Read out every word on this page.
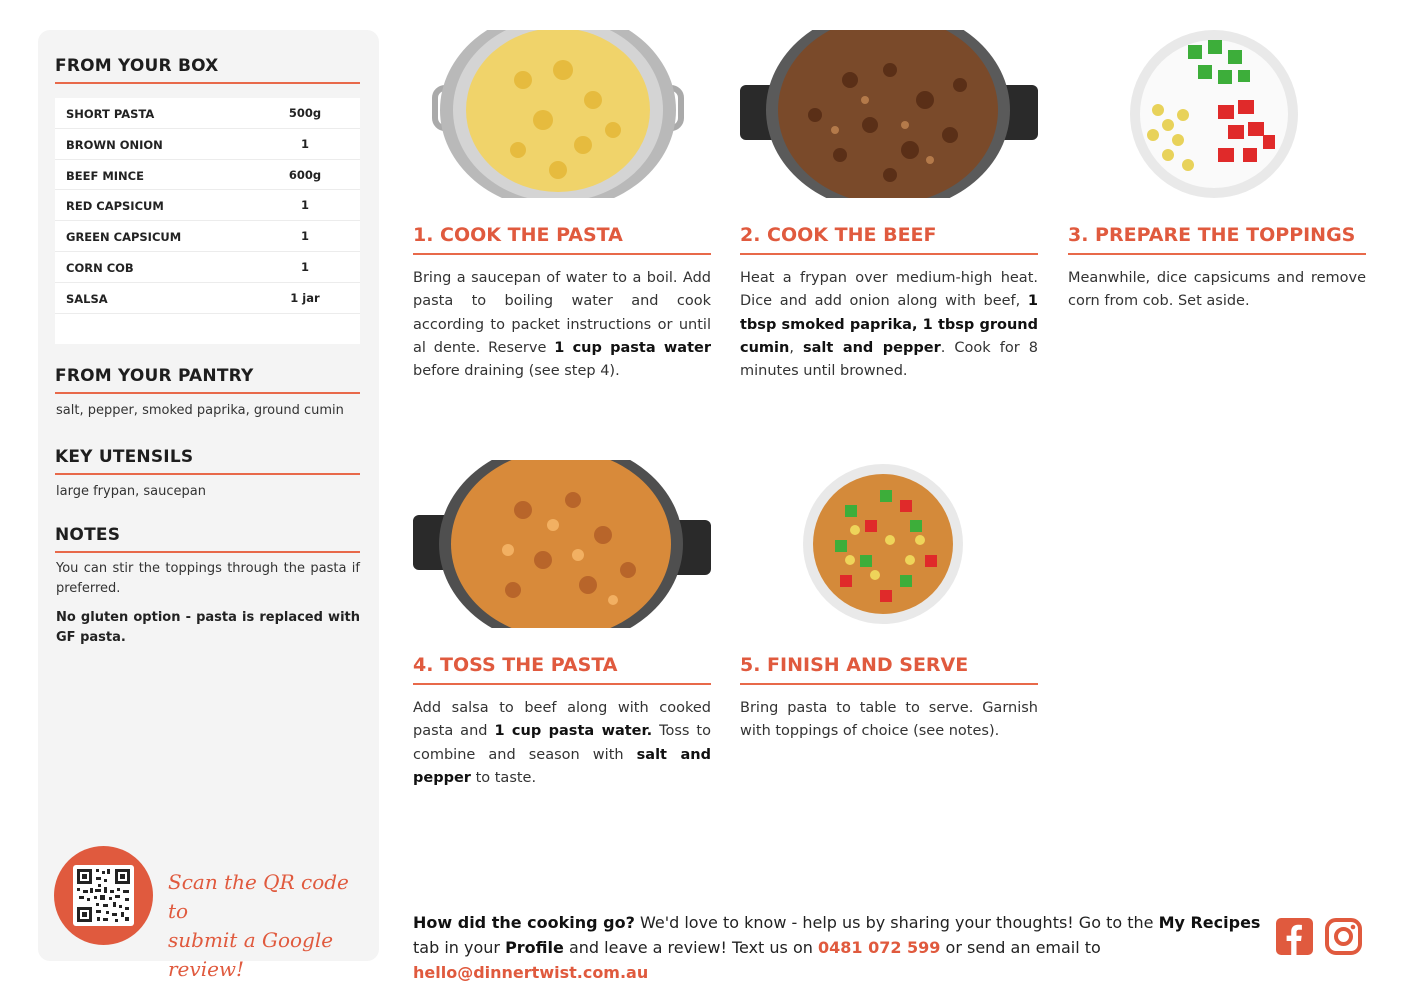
FROM YOUR BOX
SHORT PASTA	500g
BROWN ONION	1
BEEF MINCE	600g
RED CAPSICUM	1
GREEN CAPSICUM	1
CORN COB	1
SALSA	1 jar
FROM YOUR PANTRY
salt, pepper, smoked paprika, ground cumin
KEY UTENSILS
large frypan, saucepan
NOTES
You can stir the toppings through the pasta if preferred.
No gluten option - pasta is replaced with GF pasta.
Scan the QR code to
submit a Google review!
1. COOK THE PASTA
Bring a saucepan of water to a boil. Add pasta to boiling water and cook according to packet instructions or until al dente. Reserve 1 cup pasta water before draining (see step 4).
2. COOK THE BEEF
Heat a frypan over medium-high heat. Dice and add onion along with beef, 1 tbsp smoked paprika, 1 tbsp ground cumin, salt and pepper. Cook for 8 minutes until browned.
3. PREPARE THE TOPPINGS
Meanwhile, dice capsicums and remove corn from cob. Set aside.
4. TOSS THE PASTA
Add salsa to beef along with cooked pasta and 1 cup pasta water. Toss to combine and season with salt and pepper to taste.
5. FINISH AND SERVE
Bring pasta to table to serve. Garnish with toppings of choice (see notes).
How did the cooking go? We'd love to know - help us by sharing your thoughts! Go to the My Recipes tab in your Profile and leave a review! Text us on 0481 072 599 or send an email to hello@dinnertwist.com.au
